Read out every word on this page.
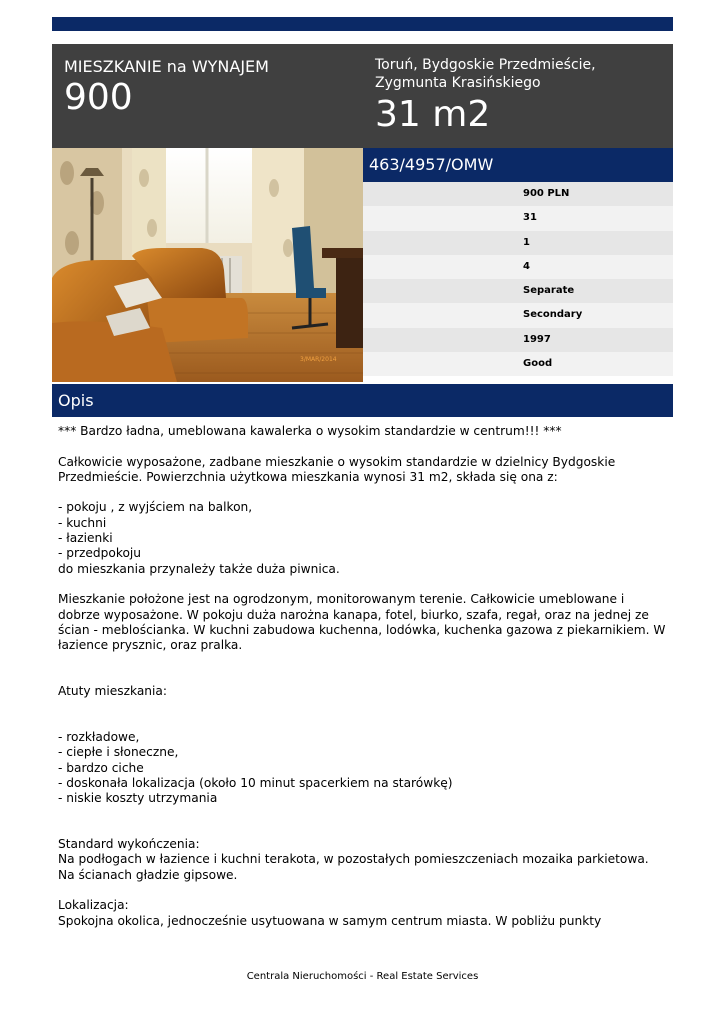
MIESZKANIE na WYNAJEM
900
Toruń, Bydgoskie Przedmieście,
Zygmunta Krasińskiego
31 m2
3/MAR/2014
463/4957/OMW
900 PLN
31
1
4
Separate
Secondary
1997
Good
Opis

*** Bardzo ładna, umeblowana kawalerka o wysokim standardzie w centrum!!! ***

Całkowicie wyposażone, zadbane mieszkanie o wysokim standardzie w dzielnicy Bydgoskie Przedmieście. Powierzchnia użytkowa mieszkania wynosi 31 m2, składa się ona z:

- pokoju , z wyjściem na balkon,

- kuchni

- łazienki

- przedpokoju

do mieszkania przynależy także duża piwnica.

Mieszkanie położone jest na ogrodzonym, monitorowanym terenie. Całkowicie umeblowane i dobrze wyposażone. W pokoju duża narożna kanapa, fotel, biurko, szafa, regał, oraz na jednej ze ścian - meblościanka. W kuchni zabudowa kuchenna, lodówka, kuchenka gazowa z piekarnikiem. W łazience prysznic, oraz pralka.

Atuty mieszkania:

- rozkładowe,

- ciepłe i słoneczne,

- bardzo ciche

- doskonała lokalizacja (około 10 minut spacerkiem na starówkę)

- niskie koszty utrzymania

Standard wykończenia:

Na podłogach w łazience i kuchni terakota, w pozostałych pomieszczeniach mozaika parkietowa. Na ścianach gładzie gipsowe.

Lokalizacja:

Spokojna okolica, jednocześnie usytuowana w samym centrum miasta. W pobliżu punkty

Centrala Nieruchomości - Real Estate Services
